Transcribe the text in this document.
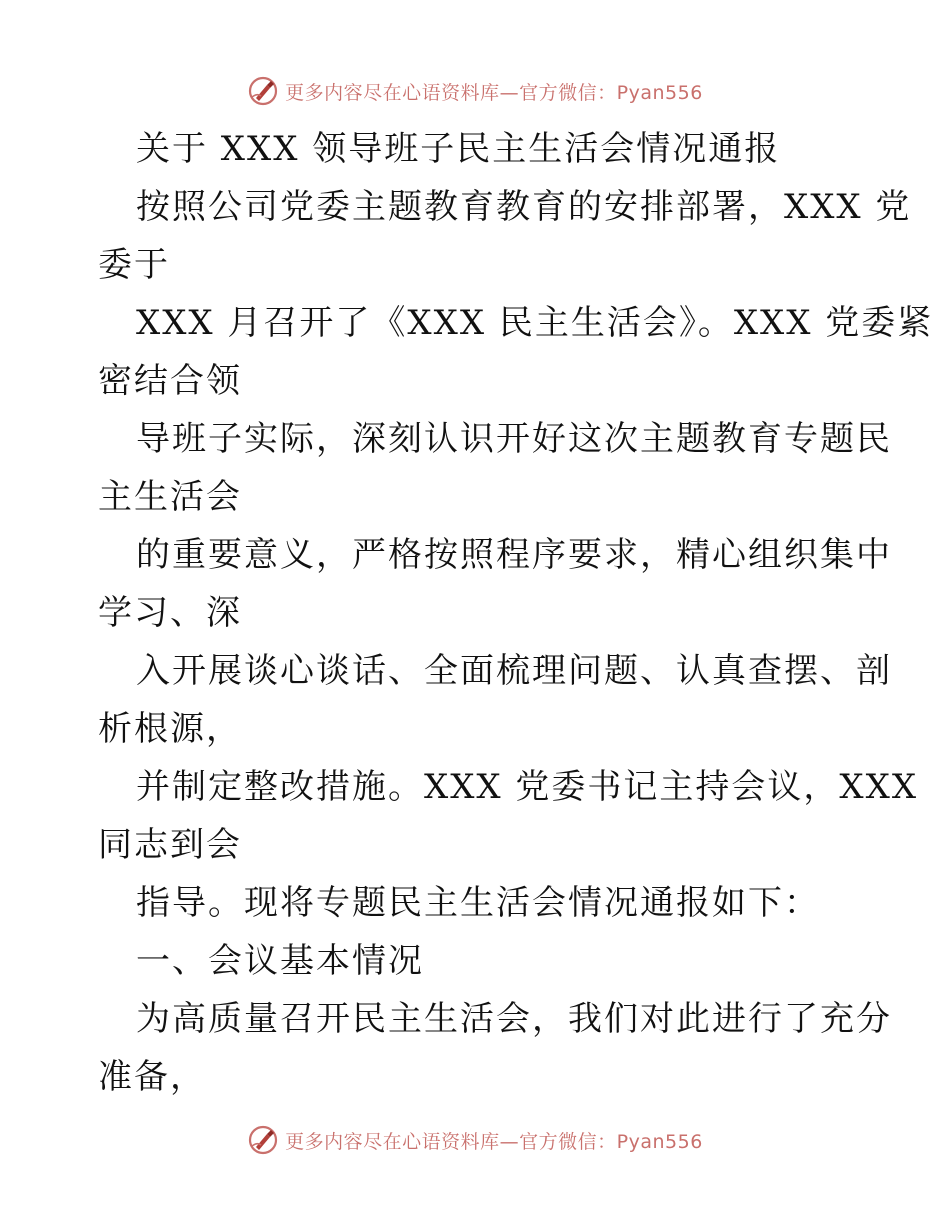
更多内容尽在心语资料库—官方微信：Pyan556
关于 XXX 领导班子民主生活会情况通报
按照公司党委主题教育教育的安排部署，XXX 党
委于
XXX 月召开了《XXX 民主生活会》。XXX 党委紧
密结合领
导班子实际，深刻认识开好这次主题教育专题民
主生活会
的重要意义，严格按照程序要求，精心组织集中
学习、深
入开展谈心谈话、全面梳理问题、认真查摆、剖
析根源，
并制定整改措施。XXX 党委书记主持会议，XXX
同志到会
指导。现将专题民主生活会情况通报如下：
一、会议基本情况
为高质量召开民主生活会，我们对此进行了充分
准备，
更多内容尽在心语资料库—官方微信：Pyan556
